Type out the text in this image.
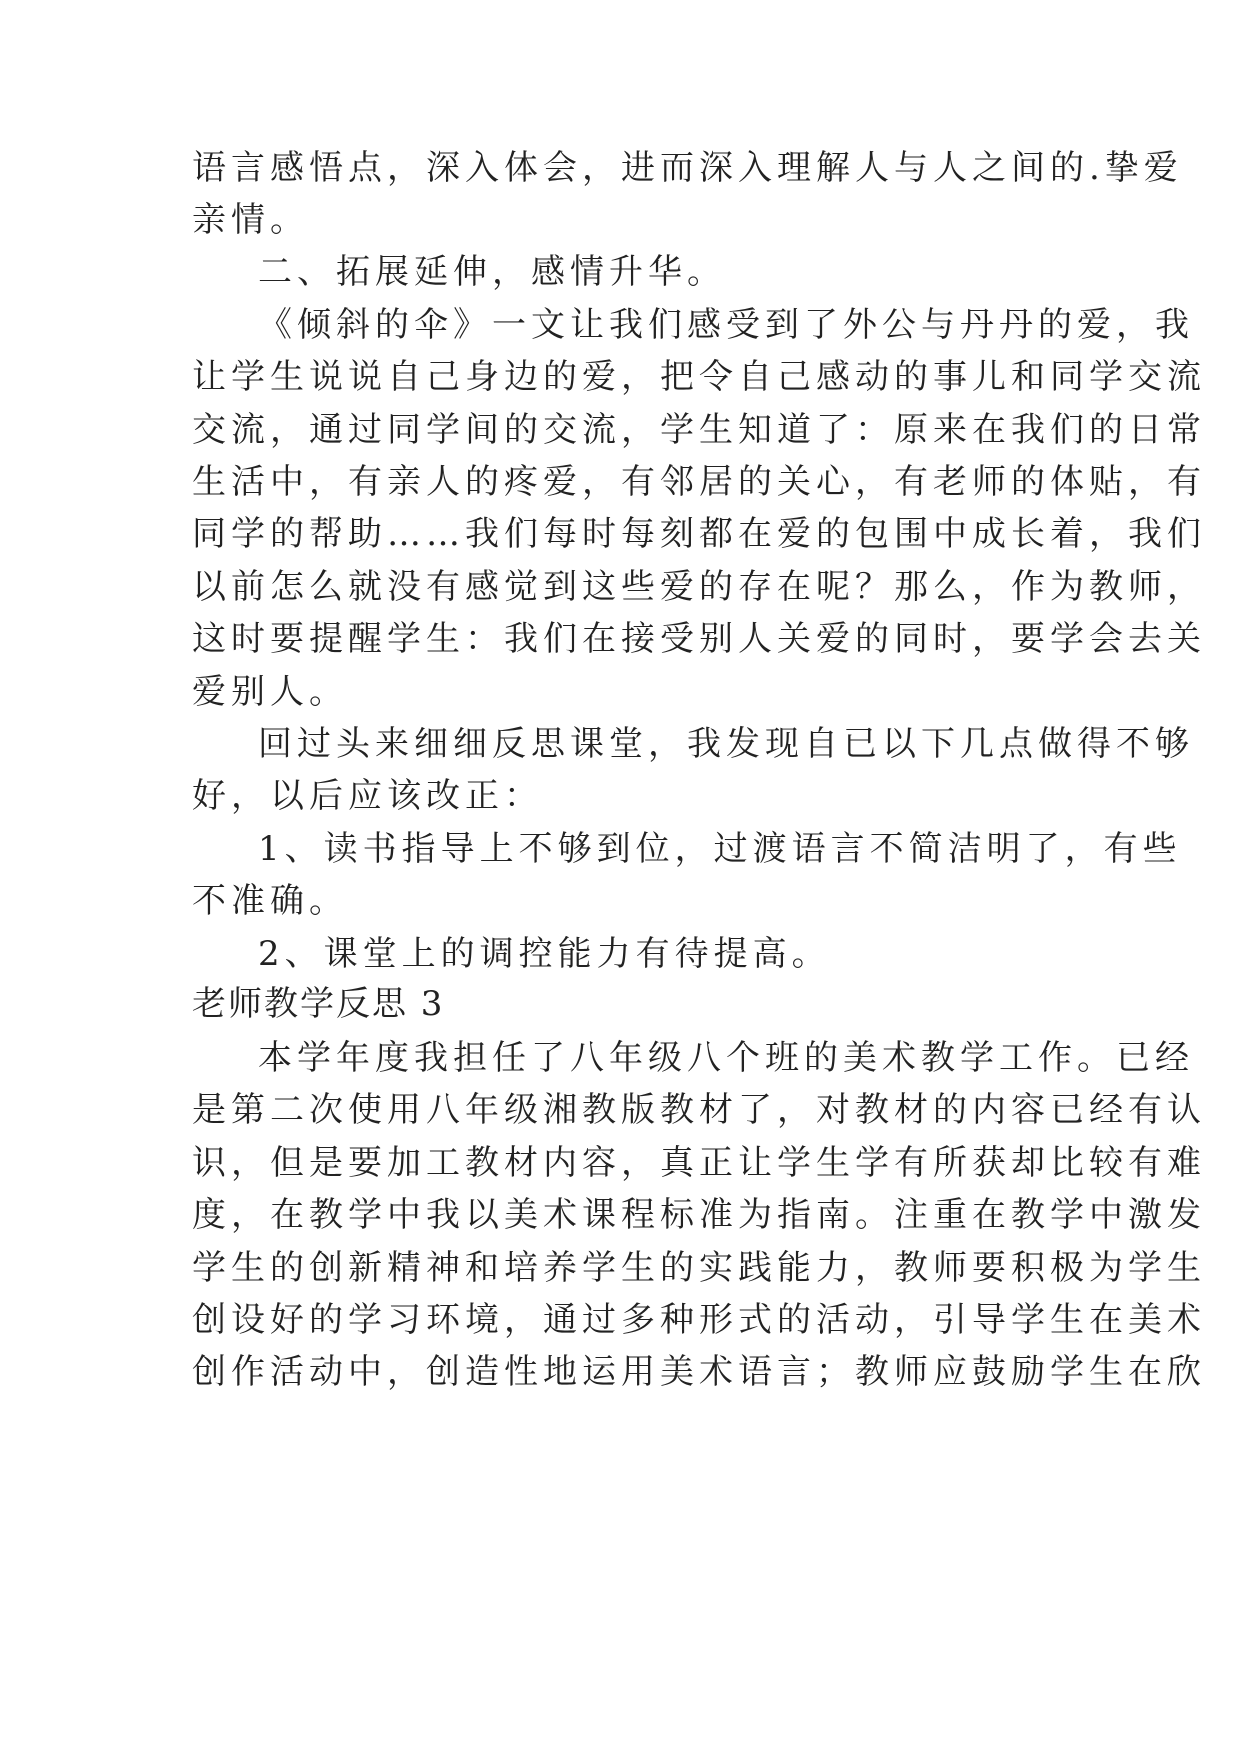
语言感悟点，深入体会，进而深入理解人与人之间的.挚爱
亲情。
二、拓展延伸，感情升华。
《倾斜的伞》一文让我们感受到了外公与丹丹的爱，我
让学生说说自己身边的爱，把令自己感动的事儿和同学交流
交流，通过同学间的交流，学生知道了：原来在我们的日常
生活中，有亲人的疼爱，有邻居的关心，有老师的体贴，有
同学的帮助……我们每时每刻都在爱的包围中成长着，我们
以前怎么就没有感觉到这些爱的存在呢？那么，作为教师，
这时要提醒学生：我们在接受别人关爱的同时，要学会去关
爱别人。
回过头来细细反思课堂，我发现自已以下几点做得不够
好，以后应该改正：
1、读书指导上不够到位，过渡语言不简洁明了，有些
不准确。
2、课堂上的调控能力有待提高。
老师教学反思 3
本学年度我担任了八年级八个班的美术教学工作。已经
是第二次使用八年级湘教版教材了，对教材的内容已经有认
识，但是要加工教材内容，真正让学生学有所获却比较有难
度，在教学中我以美术课程标准为指南。注重在教学中激发
学生的创新精神和培养学生的实践能力，教师要积极为学生
创设好的学习环境，通过多种形式的活动，引导学生在美术
创作活动中，创造性地运用美术语言；教师应鼓励学生在欣
